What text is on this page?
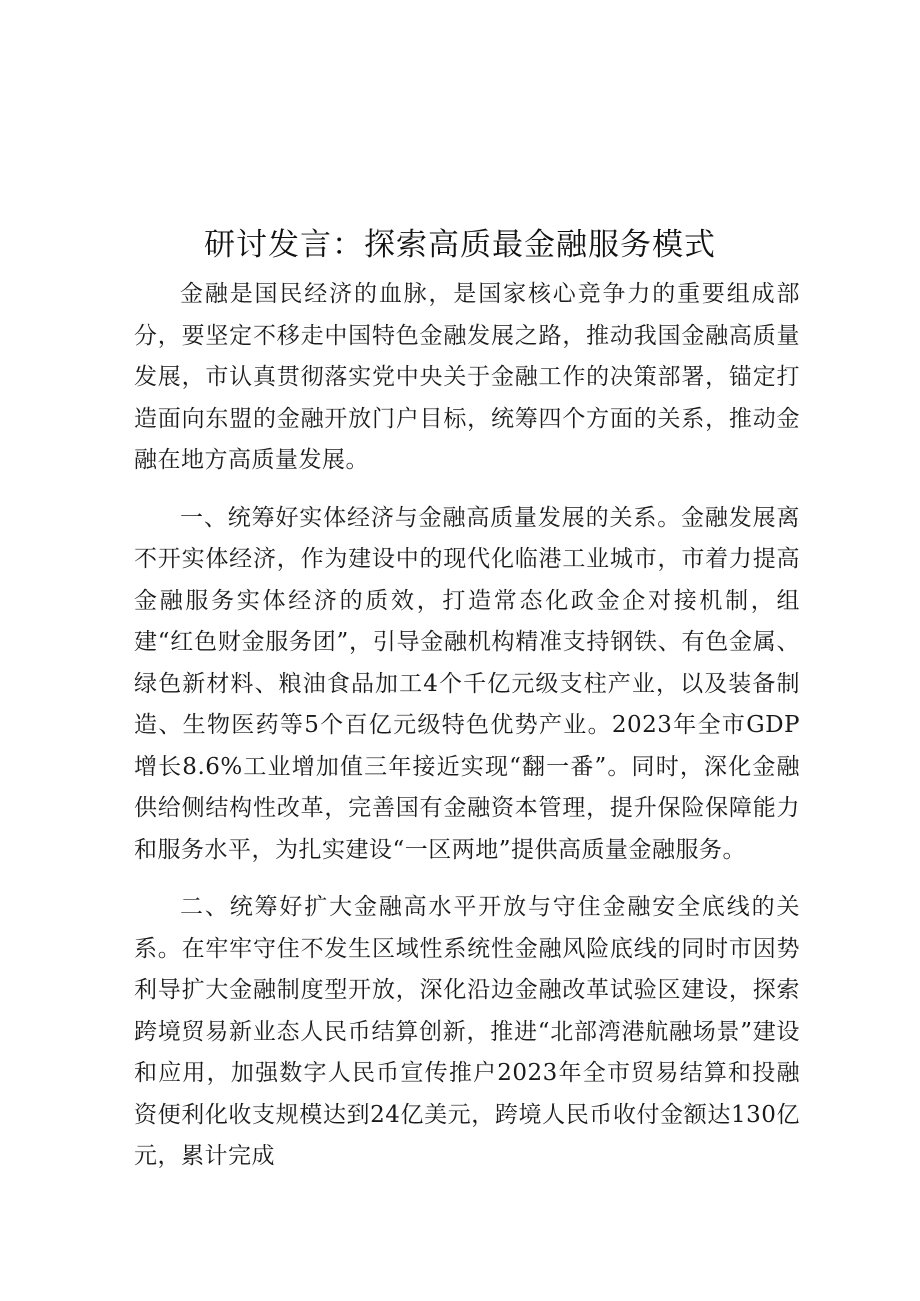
研讨发言：探索高质最金融服务模式

金融是国民经济的血脉，是国家核心竞争力的重要组成部分，要坚定不移走中国特色金融发展之路，推动我国金融高质量发展，市认真贯彻落实党中央关于金融工作的决策部署，锚定打造面向东盟的金融开放门户目标，统筹四个方面的关系，推动金融在地方高质量发展。

一、统筹好实体经济与金融高质量发展的关系。金融发展离不开实体经济，作为建设中的现代化临港工业城市，市着力提高金融服务实体经济的质效，打造常态化政金企对接机制，组建“红色财金服务团”，引导金融机构精准支持钢铁、有色金属、绿色新材料、粮油食品加工4个千亿元级支柱产业，以及装备制造、生物医药等5个百亿元级特色优势产业。2023年全市GDP增长8.6%工业增加值三年接近实现“翻一番”。同时，深化金融供给侧结构性改革，完善国有金融资本管理，提升保险保障能力和服务水平，为扎实建设“一区两地”提供高质量金融服务。

二、统筹好扩大金融高水平开放与守住金融安全底线的关系。在牢牢守住不发生区域性系统性金融风险底线的同时市因势利导扩大金融制度型开放，深化沿边金融改革试验区建设，探索跨境贸易新业态人民币结算创新，推进“北部湾港航融场景”建设和应用，加强数字人民币宣传推户2023年全市贸易结算和投融资便利化收支规模达到24亿美元，跨境人民币收付金额达130亿元，累计完成
